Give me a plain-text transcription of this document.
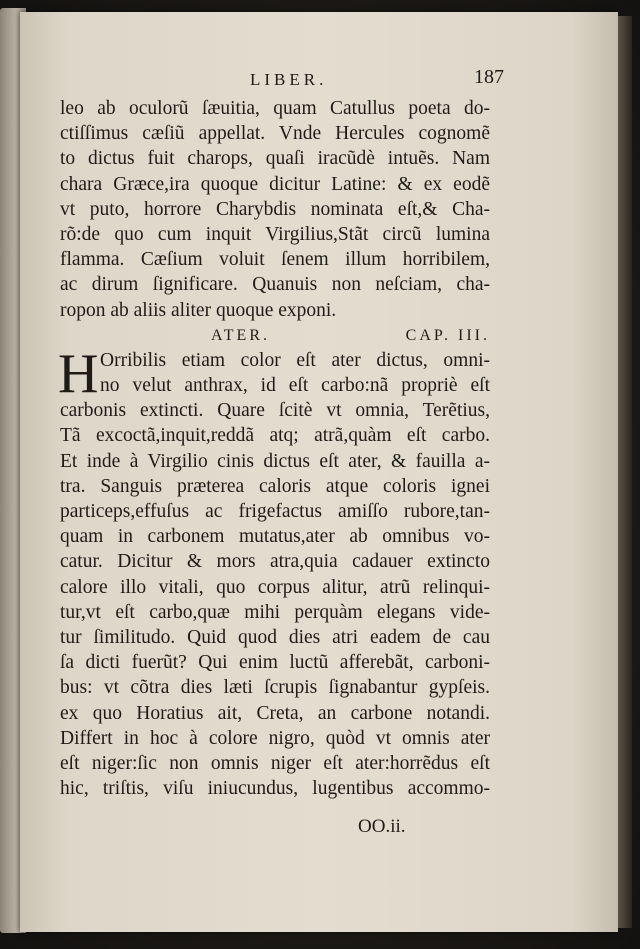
LIBER.	187
leo ab oculorũ ſæuitia, quam Catullus poeta do-
ctiſſimus cæſiũ appellat. Vnde Hercules cognomẽ
to dictus fuit charops, quaſi iracũdè intuẽs. Nam
chara Græce,ira quoque dicitur Latine: & ex eodẽ
vt puto, horrore Charybdis nominata eſt,& Cha-
rõ:de quo cum inquit Virgilius,Stãt circũ lumina
flamma. Cæſium voluit ſenem illum horribilem,
ac dirum ſignificare. Quanuis non neſciam, cha-
ropon ab aliis aliter quoque exponi.
ATER.	CAP. III.
H Orribilis etiam color eſt ater dictus, omni-
no velut anthrax, id eſt carbo:nã propriè eſt
carbonis extincti. Quare ſcitè vt omnia, Terẽtius,
Tã excoctã,inquit,reddã atq; atrã,quàm eſt carbo.
Et inde à Virgilio cinis dictus eſt ater, & fauilla a-
tra. Sanguis præterea caloris atque coloris ignei
particeps,effuſus ac frigefactus amiſſo rubore,tan-
quam in carbonem mutatus,ater ab omnibus vo-
catur. Dicitur & mors atra,quia cadauer extincto
calore illo vitali, quo corpus alitur, atrũ relinqui-
tur,vt eſt carbo,quæ mihi perquàm elegans vide-
tur ſimilitudo. Quid quod dies atri eadem de cau
ſa dicti fuerũt? Qui enim luctũ afferebãt, carboni-
bus: vt cõtra dies læti ſcrupis ſignabantur gypſeis.
ex quo Horatius ait, Creta, an carbone notandi.
Differt in hoc à colore nigro, quòd vt omnis ater
eſt niger:ſic non omnis niger eſt ater:horrẽdus eſt
hic, triſtis, viſu iniucundus, lugentibus accommo-
OO.ii.
